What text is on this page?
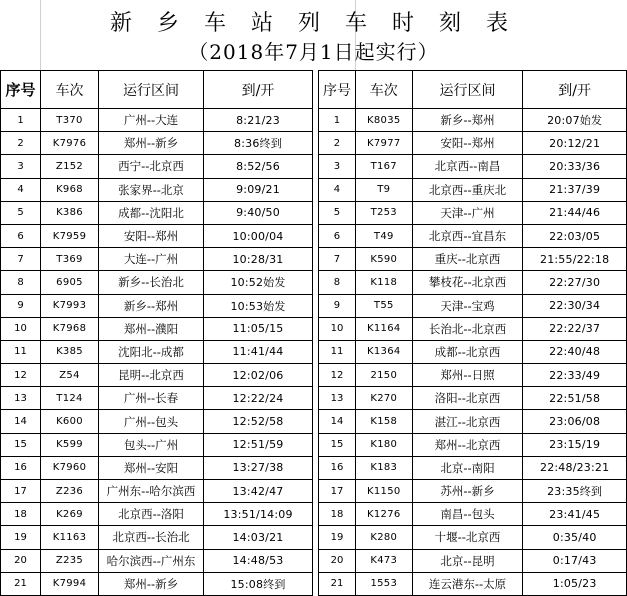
新 乡 车 站 列 车 时 刻 表
（2018年7月1日起实行）
序号	车次	运行区间	到/开
1	T370	广州--大连	8:21/23
2	K7976	郑州--新乡	8:36终到
3	Z152	西宁--北京西	8:52/56
4	K968	张家界--北京	9:09/21
5	K386	成都--沈阳北	9:40/50
6	K7959	安阳--郑州	10:00/04
7	T369	大连--广州	10:28/31
8	6905	新乡--长治北	10:52始发
9	K7993	新乡--郑州	10:53始发
10	K7968	郑州--濮阳	11:05/15
11	K385	沈阳北--成都	11:41/44
12	Z54	昆明--北京西	12:02/06
13	T124	广州--长春	12:22/24
14	K600	广州--包头	12:52/58
15	K599	包头--广州	12:51/59
16	K7960	郑州--安阳	13:27/38
17	Z236	广州东--哈尔滨西	13:42/47
18	K269	北京西--洛阳	13:51/14:09
19	K1163	北京西--长治北	14:03/21
20	Z235	哈尔滨西--广州东	14:48/53
21	K7994	郑州--新乡	15:08终到
序号	车次	运行区间	到/开
1	K8035	新乡--郑州	20:07始发
2	K7977	安阳--郑州	20:12/21
3	T167	北京西--南昌	20:33/36
4	T9	北京西--重庆北	21:37/39
5	T253	天津--广州	21:44/46
6	T49	北京西--宜昌东	22:03/05
7	K590	重庆--北京西	21:55/22:18
8	K118	攀枝花--北京西	22:27/30
9	T55	天津--宝鸡	22:30/34
10	K1164	长治北--北京西	22:22/37
11	K1364	成都--北京西	22:40/48
12	2150	郑州--日照	22:33/49
13	K270	洛阳--北京西	22:51/58
14	K158	湛江--北京西	23:06/08
15	K180	郑州--北京西	23:15/19
16	K183	北京--南阳	22:48/23:21
17	K1150	苏州--新乡	23:35终到
18	K1276	南昌--包头	23:41/45
19	K280	十堰--北京西	0:35/40
20	K473	北京--昆明	0:17/43
21	1553	连云港东--太原	1:05/23
